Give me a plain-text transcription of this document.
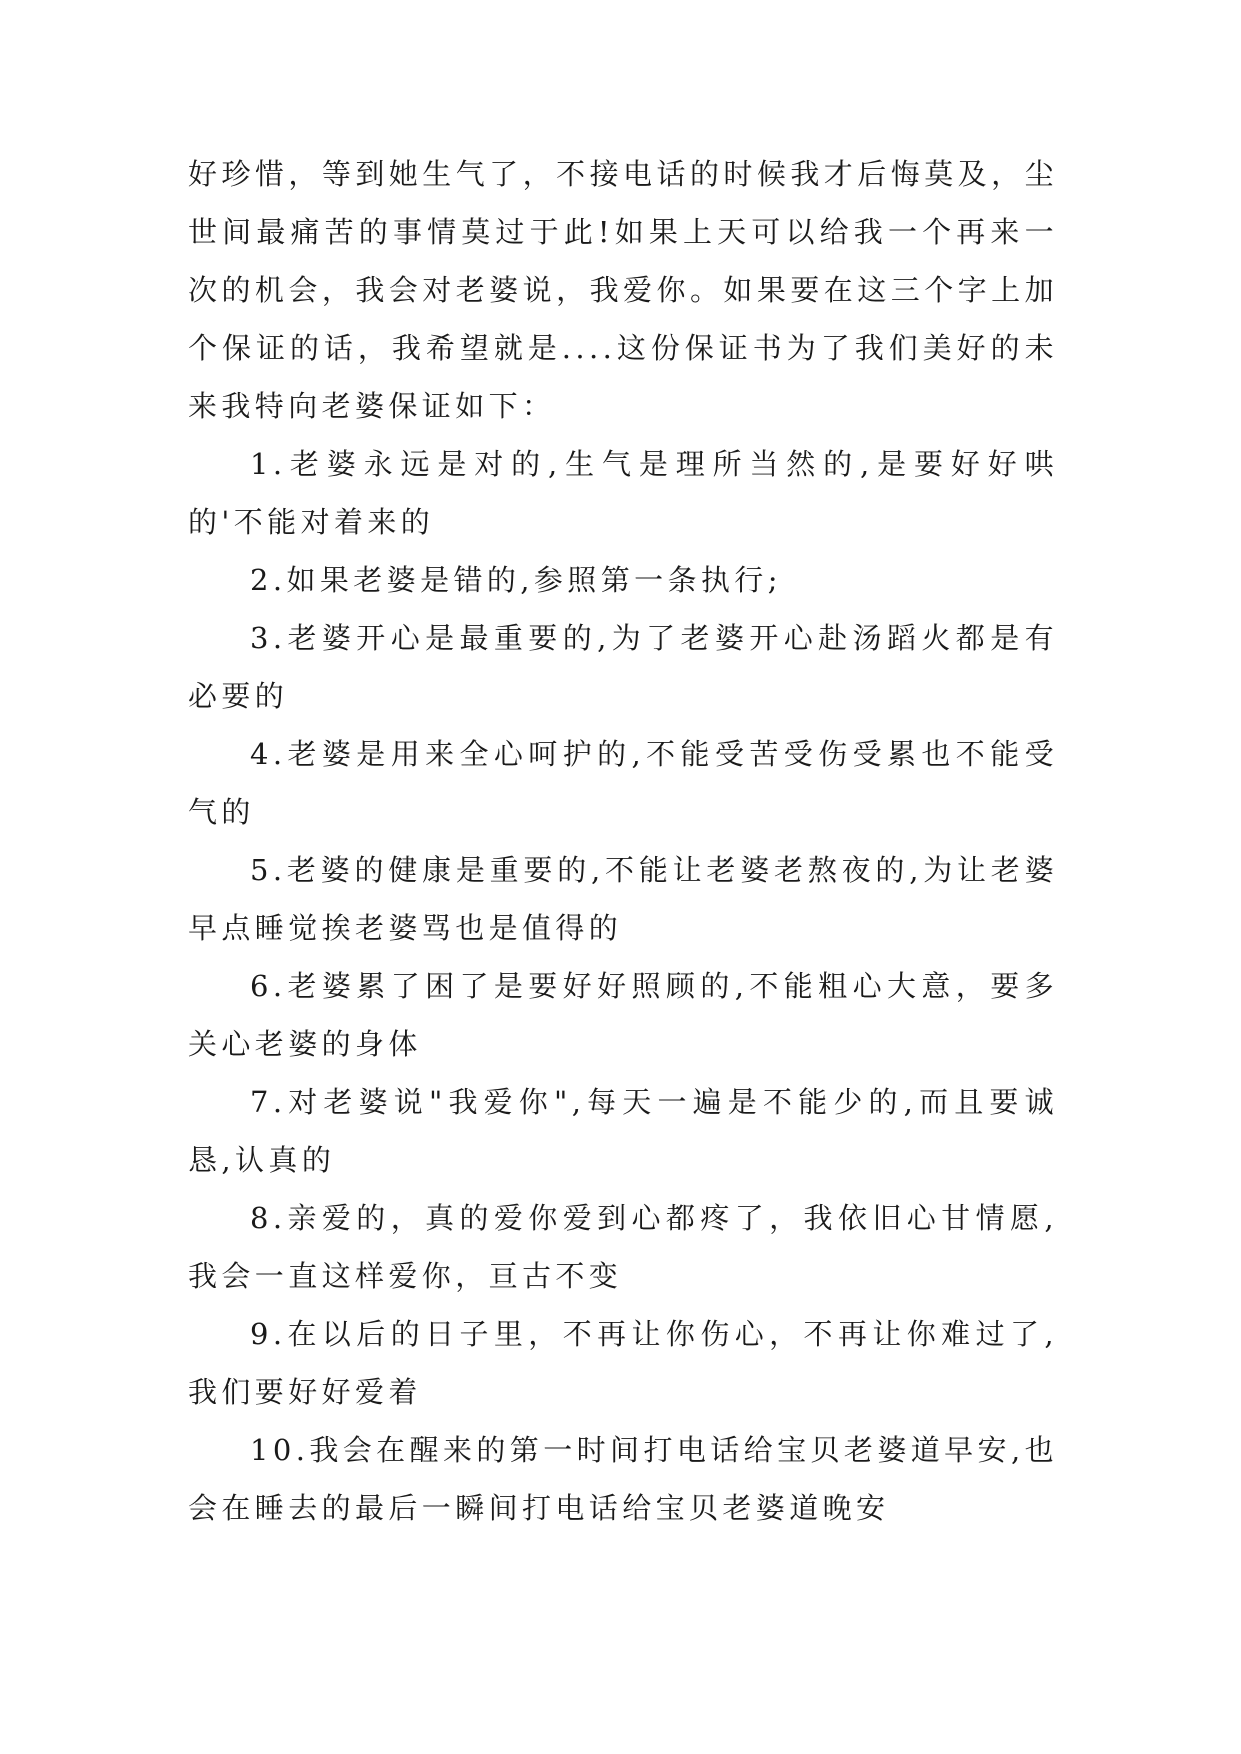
好珍惜，等到她生气了，不接电话的时候我才后悔莫及，尘世间最痛苦的事情莫过于此!如果上天可以给我一个再来一次的机会，我会对老婆说，我爱你。如果要在这三个字上加个保证的话，我希望就是....这份保证书为了我们美好的未来我特向老婆保证如下：

1.老婆永远是对的,生气是理所当然的,是要好好哄的'不能对着来的

2.如果老婆是错的,参照第一条执行;

3.老婆开心是最重要的,为了老婆开心赴汤蹈火都是有必要的

4.老婆是用来全心呵护的,不能受苦受伤受累也不能受气的

5.老婆的健康是重要的,不能让老婆老熬夜的,为让老婆早点睡觉挨老婆骂也是值得的

6.老婆累了困了是要好好照顾的,不能粗心大意，要多关心老婆的身体

7.对老婆说"我爱你",每天一遍是不能少的,而且要诚恳,认真的

8.亲爱的，真的爱你爱到心都疼了，我依旧心甘情愿,我会一直这样爱你，亘古不变

9.在以后的日子里，不再让你伤心，不再让你难过了,我们要好好爱着

10.我会在醒来的第一时间打电话给宝贝老婆道早安,也会在睡去的最后一瞬间打电话给宝贝老婆道晚安
